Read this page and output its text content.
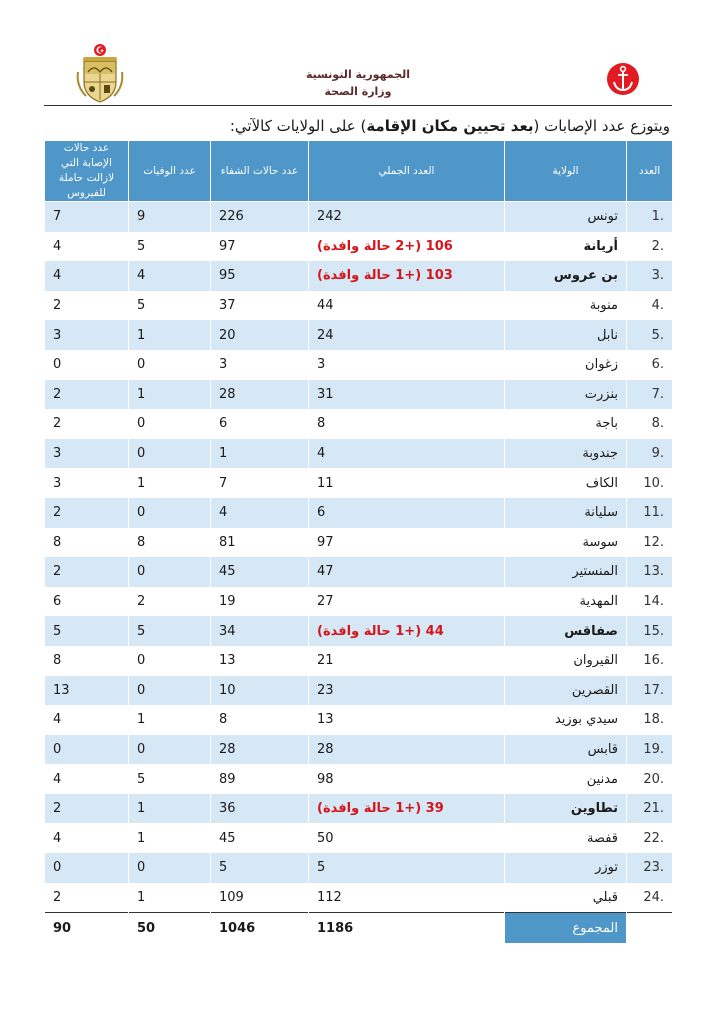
الجمهورية التونسية
وزارة الصحة
ويتوزع عدد الإصابات (بعد تحيين مكان الإقامة) على الولايات كالآتي:
العدد	الولاية	العدد الجملي	عدد حالات الشفاء	عدد الوفيات	عدد حالات الإصابة التي لازالت حاملة للفيروس
.1	تونس	242	226	9	7
.2	أريانة	106 (+2 حالة وافدة)	97	5	4
.3	بن عروس	103 (+1 حالة وافدة)	95	4	4
.4	منوبة	44	37	5	2
.5	نابل	24	20	1	3
.6	زغوان	3	3	0	0
.7	بنزرت	31	28	1	2
.8	باجة	8	6	0	2
.9	جندوبة	4	1	0	3
.10	الكاف	11	7	1	3
.11	سليانة	6	4	0	2
.12	سوسة	97	81	8	8
.13	المنستير	47	45	0	2
.14	المهدية	27	19	2	6
.15	صفاقس	44 (+1 حالة وافدة)	34	5	5
.16	القيروان	21	13	0	8
.17	القصرين	23	10	0	13
.18	سيدي بوزيد	13	8	1	4
.19	قابس	28	28	0	0
.20	مدنين	98	89	5	4
.21	تطاوين	39 (+1 حالة وافدة)	36	1	2
.22	قفصة	50	45	1	4
.23	توزر	5	5	0	0
.24	قبلي	112	109	1	2
	المجموع	1186	1046	50	90
